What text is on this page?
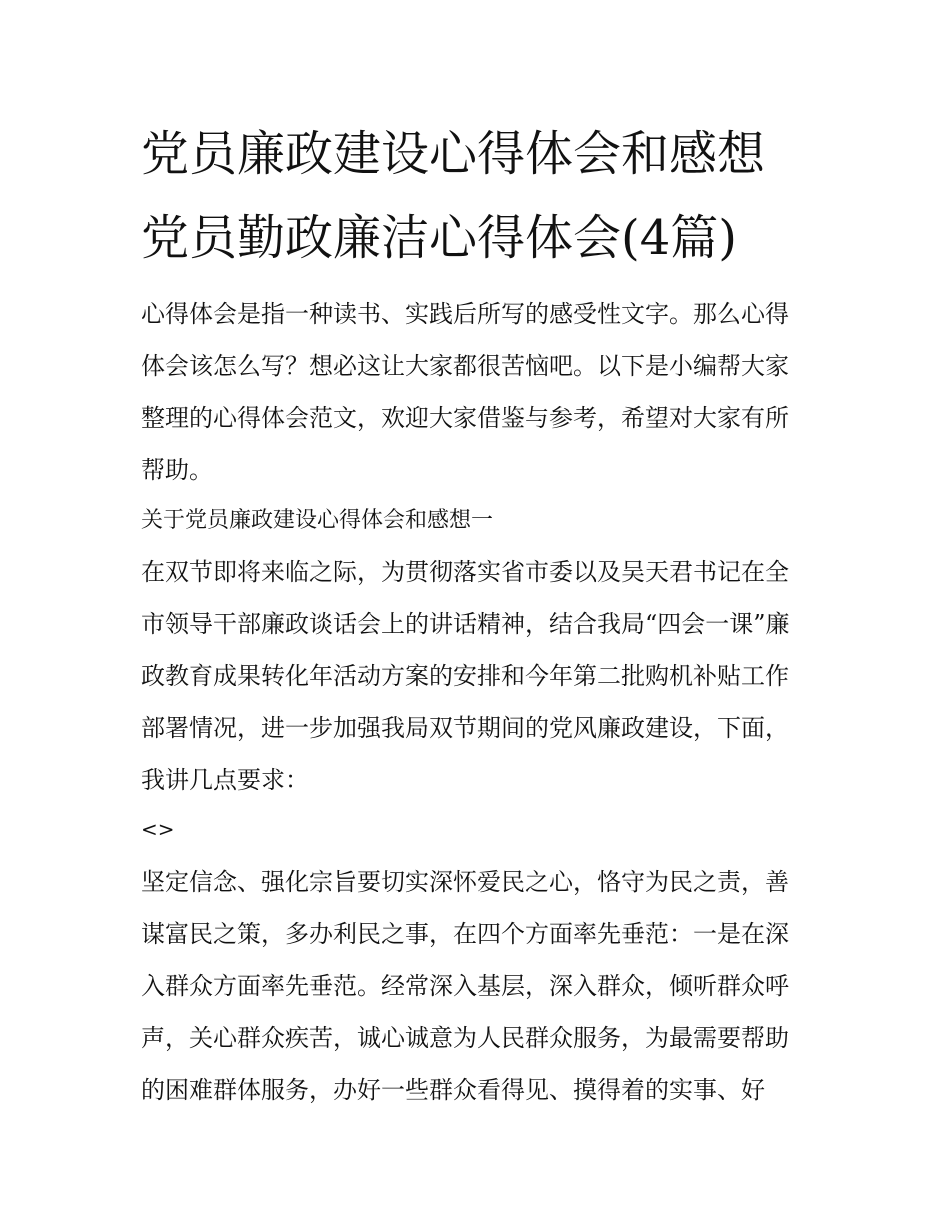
党员廉政建设心得体会和感想
党员勤政廉洁心得体会(4篇)

心得体会是指一种读书、实践后所写的感受性文字。那么心得
体会该怎么写？想必这让大家都很苦恼吧。以下是小编帮大家
整理的心得体会范文，欢迎大家借鉴与参考，希望对大家有所
帮助。

关于党员廉政建设心得体会和感想一

在双节即将来临之际，为贯彻落实省市委以及吴天君书记在全
市领导干部廉政谈话会上的讲话精神，结合我局“四会一课”廉
政教育成果转化年活动方案的安排和今年第二批购机补贴工作
部署情况，进一步加强我局双节期间的党风廉政建设，下面，
我讲几点要求：

<>

坚定信念、强化宗旨要切实深怀爱民之心，恪守为民之责，善
谋富民之策，多办利民之事，在四个方面率先垂范：一是在深
入群众方面率先垂范。经常深入基层，深入群众，倾听群众呼
声，关心群众疾苦，诚心诚意为人民群众服务，为最需要帮助
的困难群体服务，办好一些群众看得见、摸得着的实事、好
